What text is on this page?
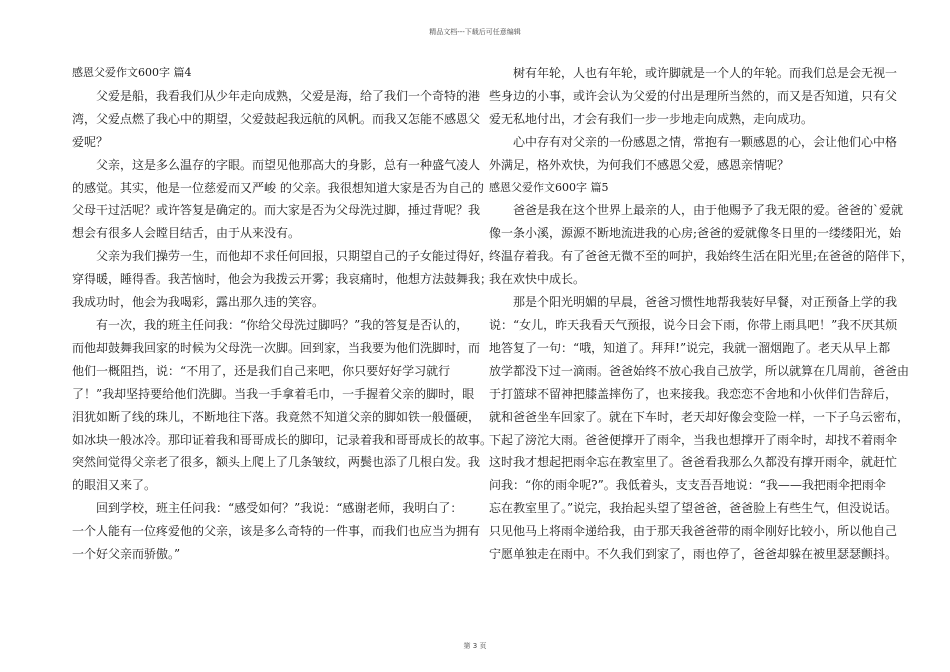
精品文档---下载后可任意编辑

感恩父爱作文600字 篇4

父爱是船，我看我们从少年走向成熟，父爱是海，给了我们一个奇特的港

湾，父爱点燃了我心中的期望，父爱鼓起我远航的风帆。而我又怎能不感恩父

爱呢？

父亲，这是多么温存的字眼。而望见他那高大的身影，总有一种盛气凌人

的感觉。其实，他是一位慈爱而又严峻 的父亲。我很想知道大家是否为自己的

父母干过活呢？或许答复是确定的。而大家是否为父母洗过脚，捶过背呢？我

想会有很多人会瞠目结舌，由于从来没有。

父亲为我们操劳一生，而他却不求任何回报，只期望自己的子女能过得好，

穿得暖，睡得香。我苦恼时，他会为我拨云开雾；我哀痛时，他想方法鼓舞我；

我成功时，他会为我喝彩，露出那久违的笑容。

有一次，我的班主任问我：“你给父母洗过脚吗？”我的答复是否认的，

而他却鼓舞我回家的时候为父母洗一次脚。回到家，当我要为他们洗脚时，而

他们一概阻挡，说：“不用了，还是我们自己来吧，你只要好好学习就行

了！”我却坚持要给他们洗脚。当我一手拿着毛巾，一手握着父亲的脚时，眼

泪犹如断了线的珠儿，不断地往下落。我竟然不知道父亲的脚如铁一般僵硬，

如冰块一般冰冷。那印证着我和哥哥成长的脚印，记录着我和哥哥成长的故事。

突然间觉得父亲老了很多，额头上爬上了几条皱纹，两鬓也添了几根白发。我

的眼泪又来了。

回到学校，班主任问我：“感受如何？”我说：“感谢老师，我明白了：

一个人能有一位疼爱他的父亲，该是多么奇特的一件事，而我们也应当为拥有

一个好父亲而骄傲。”

树有年轮，人也有年轮，或许脚就是一个人的年轮。而我们总是会无视一

些身边的小事，或许会认为父爱的付出是理所当然的，而又是否知道，只有父

爱无私地付出，才会有我们一步一步地走向成熟，走向成功。

心中存有对父亲的一份感恩之情，常抱有一颗感恩的心，会让他们心中格

外满足，格外欢快，为何我们不感恩父爱，感恩亲情呢？

感恩父爱作文600字 篇5

爸爸是我在这个世界上最亲的人，由于他赐予了我无限的爱。爸爸的`爱就

像一条小溪，源源不断地流进我的心房;爸爸的爱就像冬日里的一缕缕阳光，始

终温存着我。有了爸爸无微不至的呵护，我始终生活在阳光里;在爸爸的陪伴下，

我在欢快中成长。

那是个阳光明媚的早晨，爸爸习惯性地帮我装好早餐，对正预备上学的我

说：“女儿，昨天我看天气预报，说今日会下雨，你带上雨具吧！”我不厌其烦

地答复了一句：“哦，知道了。拜拜!”说完，我就一溜烟跑了。老天从早上都

放学都没下过一滴雨。爸爸始终不放心我自己放学，所以就算在几周前，爸爸由

于打篮球不留神把膝盖摔伤了，也来接我。我恋恋不舍地和小伙伴们告辞后，

就和爸爸坐车回家了。就在下车时，老天却好像会变险一样，一下子乌云密布，

下起了滂沱大雨。爸爸便撑开了雨伞，当我也想撑开了雨伞时，却找不着雨伞

这时我才想起把雨伞忘在教室里了。爸爸看我那么久都没有撑开雨伞，就赶忙

问我：“你的雨伞呢?”。我低着头，支支吾吾地说：“我——我把雨伞把雨伞

忘在教室里了。”说完，我抬起头望了望爸爸，爸爸脸上有些生气，但没说话。

只见他马上将雨伞递给我，由于那天我爸爸带的雨伞刚好比较小，所以他自己

宁愿单独走在雨中。不久我们到家了，雨也停了，爸爸却躲在被里瑟瑟颤抖。

第 3 页
